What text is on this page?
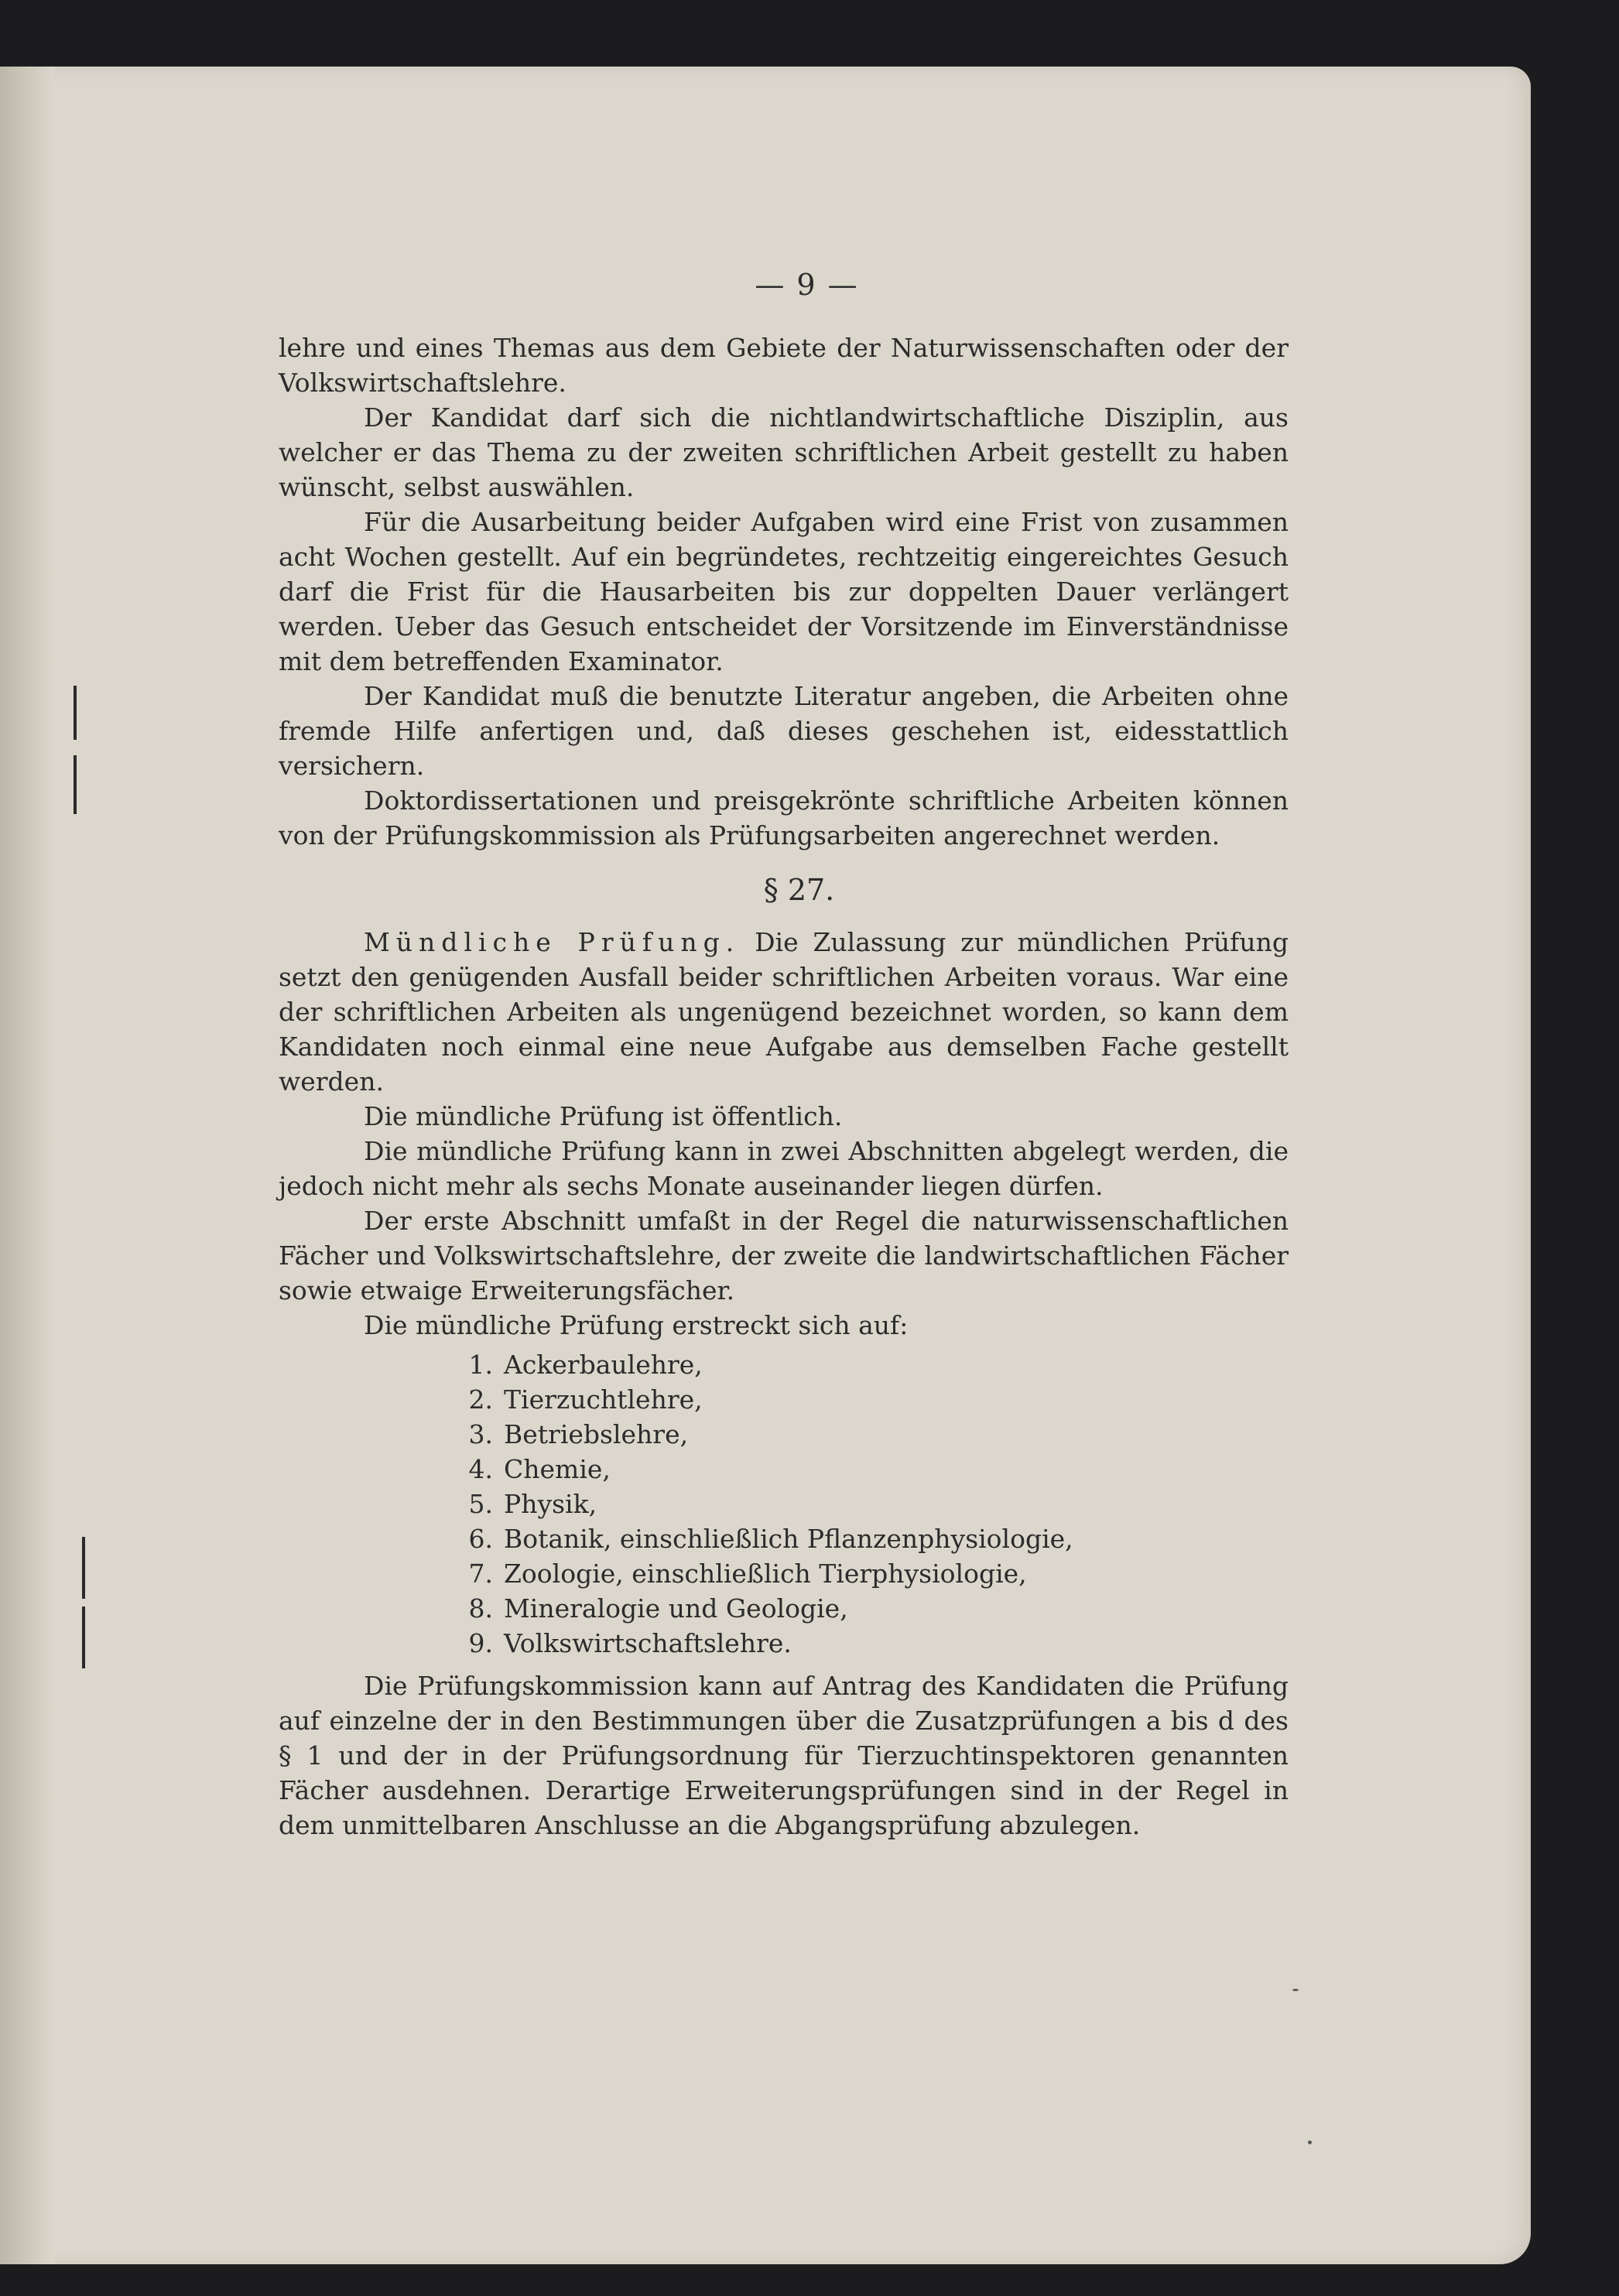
— 9 —

lehre und eines Themas aus dem Gebiete der Naturwissenschaften oder der Volkswirtschaftslehre.

Der Kandidat darf sich die nichtlandwirtschaftliche Disziplin, aus welcher er das Thema zu der zweiten schriftlichen Arbeit gestellt zu haben wünscht, selbst auswählen.

Für die Ausarbeitung beider Aufgaben wird eine Frist von zusammen acht Wochen gestellt. Auf ein begründetes, rechtzeitig eingereichtes Gesuch darf die Frist für die Hausarbeiten bis zur doppelten Dauer verlängert werden. Ueber das Gesuch entscheidet der Vorsitzende im Einverständnisse mit dem betreffenden Examinator.

Der Kandidat muß die benutzte Literatur angeben, die Arbeiten ohne fremde Hilfe anfertigen und, daß dieses geschehen ist, eidesstattlich versichern.

Doktordissertationen und preisgekrönte schriftliche Arbeiten können von der Prüfungskommission als Prüfungsarbeiten angerechnet werden.

§ 27.

Mündliche Prüfung. Die Zulassung zur mündlichen Prüfung setzt den genügenden Ausfall beider schriftlichen Arbeiten voraus. War eine der schriftlichen Arbeiten als ungenügend bezeichnet worden, so kann dem Kandidaten noch einmal eine neue Aufgabe aus demselben Fache gestellt werden.

Die mündliche Prüfung ist öffentlich.

Die mündliche Prüfung kann in zwei Abschnitten abgelegt werden, die jedoch nicht mehr als sechs Monate auseinander liegen dürfen.

Der erste Abschnitt umfaßt in der Regel die naturwissenschaftlichen Fächer und Volkswirtschaftslehre, der zweite die landwirtschaftlichen Fächer sowie etwaige Erweiterungsfächer.

Die mündliche Prüfung erstreckt sich auf:

1. Ackerbaulehre,
2. Tierzuchtlehre,
3. Betriebslehre,
4. Chemie,
5. Physik,
6. Botanik, einschließlich Pflanzenphysiologie,
7. Zoologie, einschließlich Tierphysiologie,
8. Mineralogie und Geologie,
9. Volkswirtschaftslehre.

Die Prüfungskommission kann auf Antrag des Kandidaten die Prüfung auf einzelne der in den Bestimmungen über die Zusatzprüfungen a bis d des § 1 und der in der Prüfungsordnung für Tierzuchtinspektoren genannten Fächer ausdehnen. Derartige Erweiterungsprüfungen sind in der Regel in dem unmittelbaren Anschlusse an die Abgangsprüfung abzulegen.
